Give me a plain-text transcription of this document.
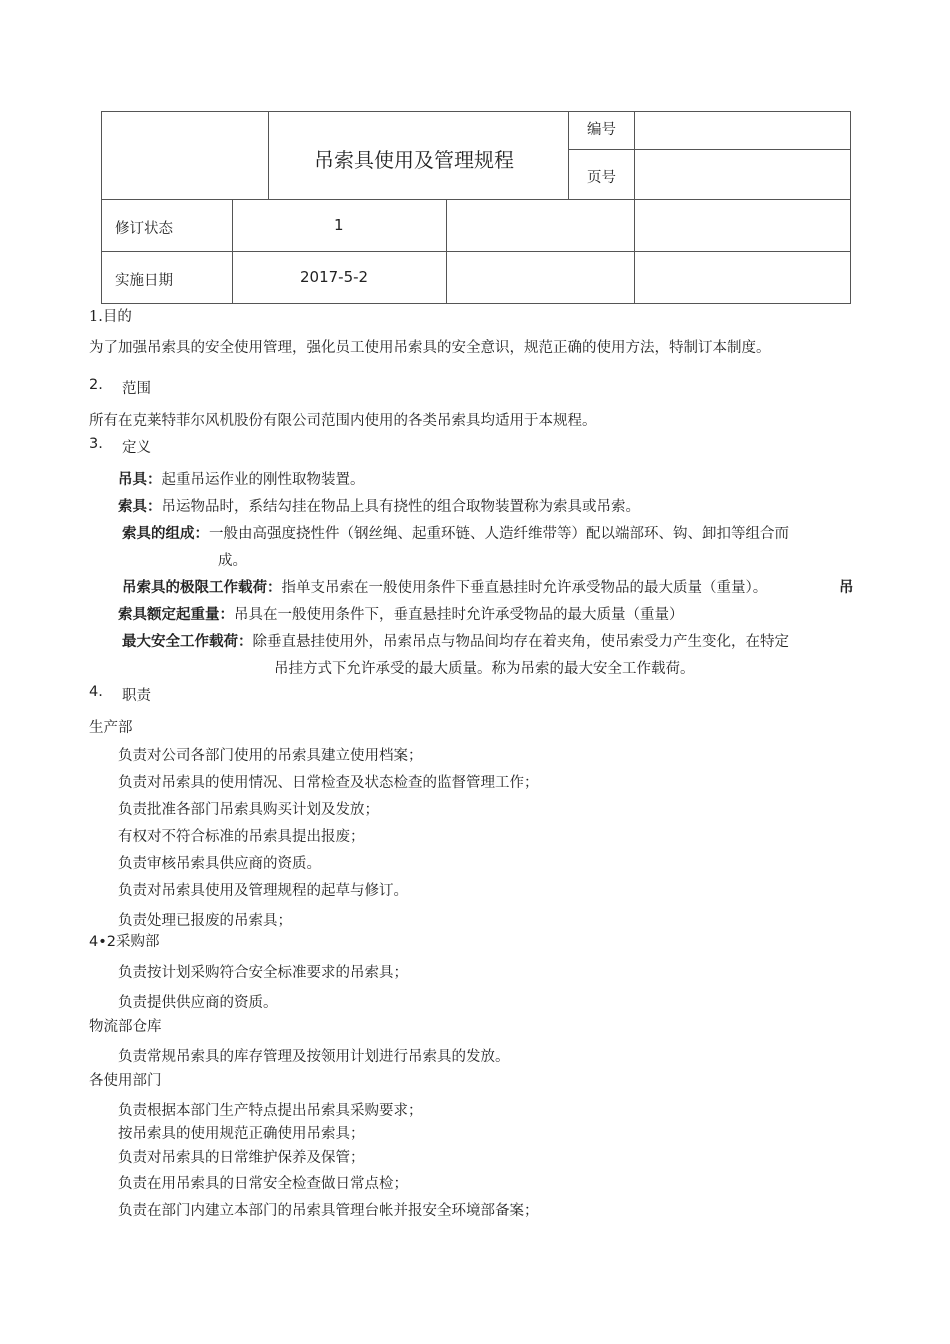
吊索具使用及管理规程
编号
页号
修订状态	1
实施日期	2017-5-2
1.目的
为了加强吊索具的安全使用管理，强化员工使用吊索具的安全意识，规范正确的使用方法，特制订本制度。
2. 范围
所有在克莱特菲尔风机股份有限公司范围内使用的各类吊索具均适用于本规程。
3. 定义
吊具：起重吊运作业的刚性取物装置。
索具：吊运物品时，系结勾挂在物品上具有挠性的组合取物装置称为索具或吊索。
索具的组成：一般由高强度挠性件（钢丝绳、起重环链、人造纤维带等）配以端部环、钩、卸扣等组合而
成。
吊索具的极限工作载荷：指单支吊索在一般使用条件下垂直悬挂时允许承受物品的最大质量（重量）。	吊
索具额定起重量：吊具在一般使用条件下，垂直悬挂时允许承受物品的最大质量（重量）
最大安全工作载荷：除垂直悬挂使用外，吊索吊点与物品间均存在着夹角，使吊索受力产生变化，在特定
吊挂方式下允许承受的最大质量。称为吊索的最大安全工作载荷。
4. 职责
生产部
负责对公司各部门使用的吊索具建立使用档案；
负责对吊索具的使用情况、日常检查及状态检查的监督管理工作；
负责批准各部门吊索具购买计划及发放；
有权对不符合标准的吊索具提出报废；
负责审核吊索具供应商的资质。
负责对吊索具使用及管理规程的起草与修订。
负责处理已报废的吊索具；
4•2采购部
负责按计划采购符合安全标准要求的吊索具；
负责提供供应商的资质。
物流部仓库
负责常规吊索具的库存管理及按领用计划进行吊索具的发放。
各使用部门
负责根据本部门生产特点提出吊索具采购要求；
按吊索具的使用规范正确使用吊索具；
负责对吊索具的日常维护保养及保管；
负责在用吊索具的日常安全检查做日常点检；
负责在部门内建立本部门的吊索具管理台帐并报安全环境部备案；
